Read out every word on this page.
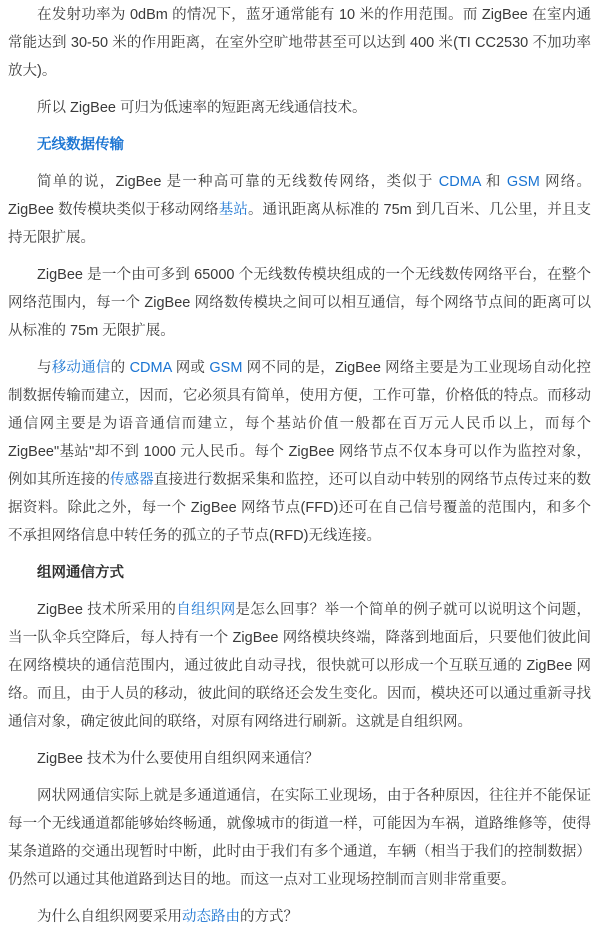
在发射功率为 0dBm 的情况下，蓝牙通常能有 10 米的作用范围。而 ZigBee 在室内通常能达到 30-50 米的作用距离，在室外空旷地带甚至可以达到 400 米(TI CC2530 不加功率放大)。

所以 ZigBee 可归为低速率的短距离无线通信技术。

无线数据传输

简单的说，ZigBee 是一种高可靠的无线数传网络，类似于 CDMA 和 GSM 网络。ZigBee 数传模块类似于移动网络基站。通讯距离从标准的 75m 到几百米、几公里，并且支持无限扩展。

ZigBee 是一个由可多到 65000 个无线数传模块组成的一个无线数传网络平台，在整个网络范围内，每一个 ZigBee 网络数传模块之间可以相互通信，每个网络节点间的距离可以从标准的 75m 无限扩展。

与移动通信的 CDMA 网或 GSM 网不同的是，ZigBee 网络主要是为工业现场自动化控制数据传输而建立，因而，它必须具有简单，使用方便，工作可靠，价格低的特点。而移动通信网主要是为语音通信而建立，每个基站价值一般都在百万元人民币以上，而每个 ZigBee"基站"却不到 1000 元人民币。每个 ZigBee 网络节点不仅本身可以作为监控对象，例如其所连接的传感器直接进行数据采集和监控，还可以自动中转别的网络节点传过来的数据资料。除此之外，每一个 ZigBee 网络节点(FFD)还可在自己信号覆盖的范围内，和多个不承担网络信息中转任务的孤立的子节点(RFD)无线连接。

组网通信方式

ZigBee 技术所采用的自组织网是怎么回事？举一个简单的例子就可以说明这个问题，当一队伞兵空降后，每人持有一个 ZigBee 网络模块终端，降落到地面后，只要他们彼此间在网络模块的通信范围内，通过彼此自动寻找，很快就可以形成一个互联互通的 ZigBee 网络。而且，由于人员的移动，彼此间的联络还会发生变化。因而，模块还可以通过重新寻找通信对象，确定彼此间的联络，对原有网络进行刷新。这就是自组织网。

ZigBee 技术为什么要使用自组织网来通信？

网状网通信实际上就是多通道通信，在实际工业现场，由于各种原因，往往并不能保证每一个无线通道都能够始终畅通，就像城市的街道一样，可能因为车祸，道路维修等，使得某条道路的交通出现暂时中断，此时由于我们有多个通道，车辆（相当于我们的控制数据）仍然可以通过其他道路到达目的地。而这一点对工业现场控制而言则非常重要。

为什么自组织网要采用动态路由的方式？
